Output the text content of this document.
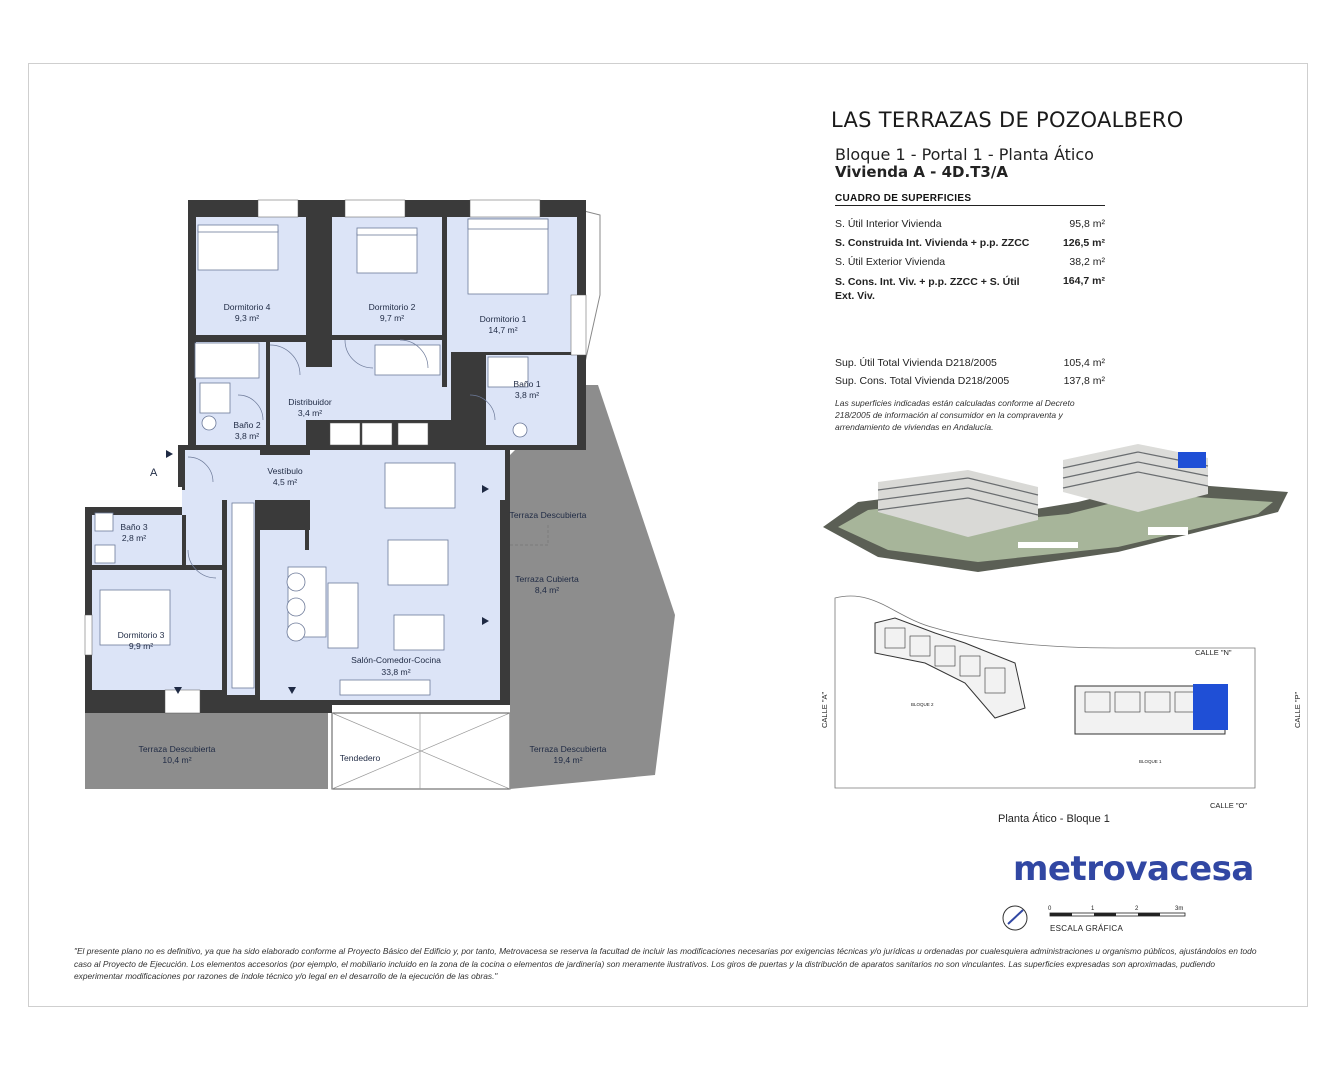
Dormitorio 4
9,3 m²
Dormitorio 2
9,7 m²	Dormitorio 1
14,7 m²
Distribuidor
3,4 m²
Baño 1
3,8 m²
Baño 2
3,8 m²
Vestíbulo
4,5 m²
Baño 3
2,8 m²
Dormitorio 3
9,9 m²
Salón-Comedor-Cocina
33,8 m²
Terraza Descubierta
Terraza Cubierta
8,4 m²
Terraza Descubierta
10,4 m²	Tendedero
Terraza Descubierta
19,4 m²
A
LAS TERRAZAS DE POZOALBERO
Bloque 1 - Portal 1 - Planta Ático
Vivienda A - 4D.T3/A
CUADRO DE SUPERFICIES
S. Útil Interior Vivienda	95,8 m²
S. Construida Int. Vivienda + p.p. ZZCC	126,5 m²
S. Útil Exterior Vivienda	38,2 m²
S. Cons. Int. Viv. + p.p. ZZCC + S. Útil Ext. Viv.
164,7 m²
Sup. Útil Total Vivienda D218/2005	105,4 m²
Sup. Cons. Total Vivienda D218/2005	137,8 m²
Las superficies indicadas están calculadas conforme al Decreto 218/2005 de información al consumidor en la compraventa y arrendamiento de viviendas en Andalucía.
CALLE "N"
CALLE "A"	CALLE "P"
CALLE "O"
BLOQUE 2
BLOQUE 1
Planta Ático - Bloque 1
metrovacesa
0	1	2	3m
ESCALA GRÁFICA
"El presente plano no es definitivo, ya que ha sido elaborado conforme al Proyecto Básico del Edificio y, por tanto, Metrovacesa se reserva la facultad de incluir las modificaciones necesarias por exigencias técnicas y/o jurídicas u ordenadas por cualesquiera administraciones u organismo públicos, ajustándolos en todo caso al Proyecto de Ejecución. Los elementos accesorios (por ejemplo, el mobiliario incluido en la zona de la cocina o elementos de jardinería) son meramente ilustrativos. Los giros de puertas y la distribución de aparatos sanitarios no son vinculantes. Las superficies expresadas son aproximadas, pudiendo experimentar modificaciones por razones de índole técnico y/o legal en el desarrollo de la ejecución de las obras."
